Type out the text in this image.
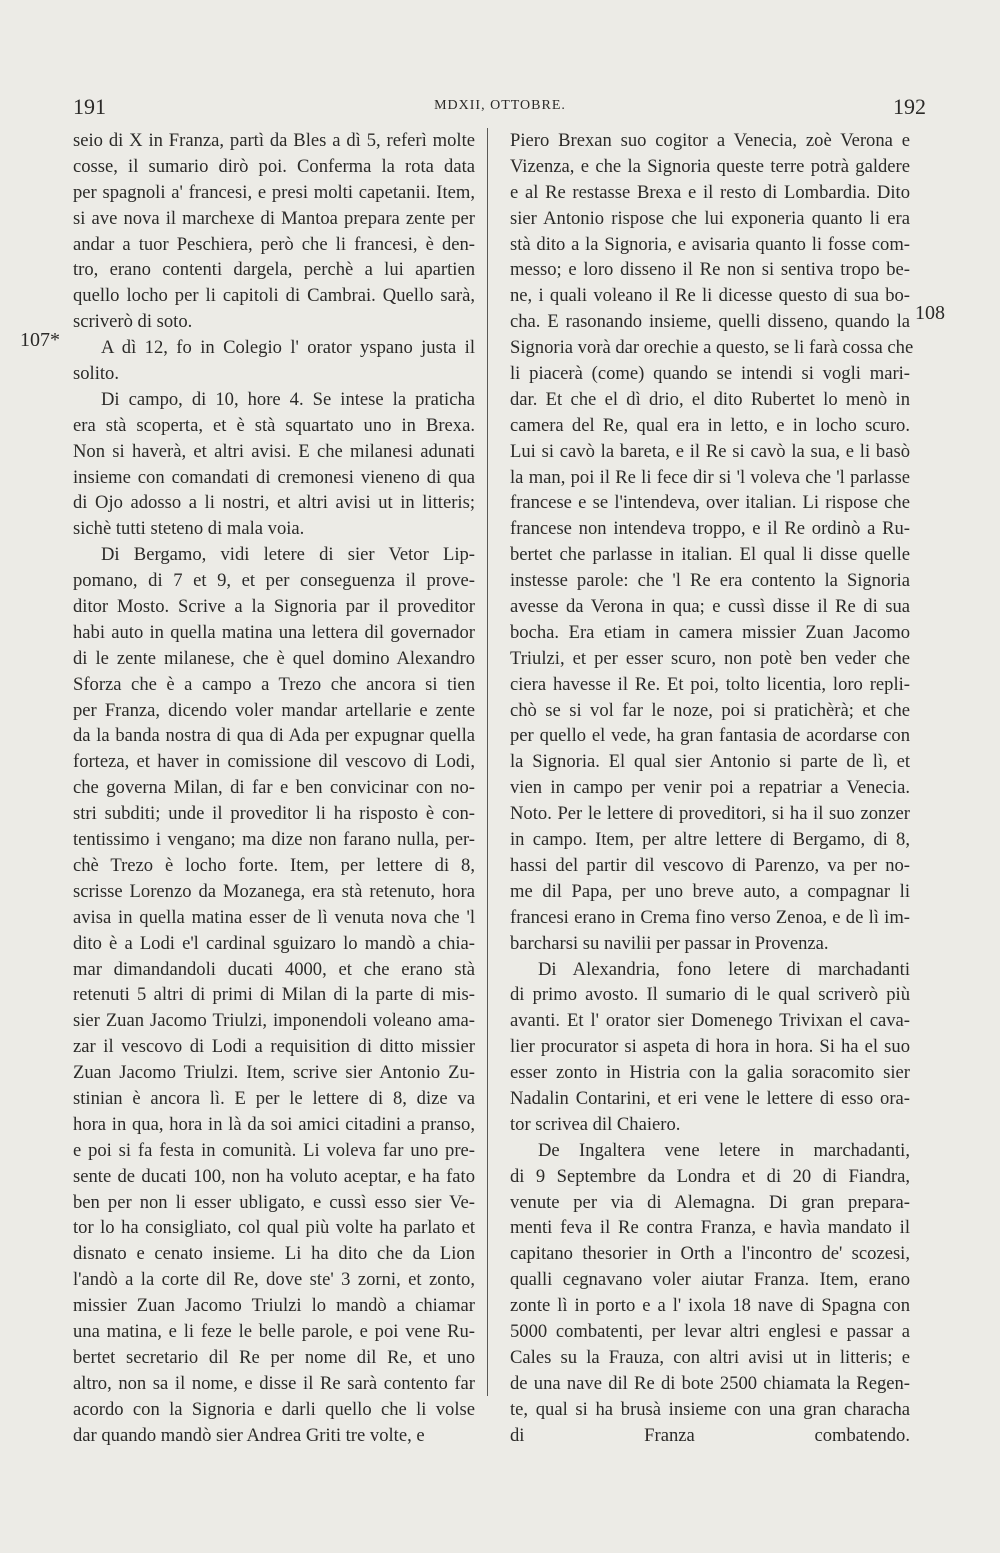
191	MDXII, OTTOBRE.	192
107*
108
seio di X in Franza, partì da Bles a dì 5, referì molte
cosse, il sumario dirò poi. Conferma la rota data
per spagnoli a' francesi, e presi molti capetanii. Item,
si ave nova il marchexe di Mantoa prepara zente per
andar a tuor Peschiera, però che li francesi, è den-
tro, erano contenti dargela, perchè a lui apartien
quello locho per li capitoli di Cambrai. Quello sarà,
scriverò di soto.
A dì 12, fo in Colegio l' orator yspano justa il
solito.
Di campo, di 10, hore 4. Se intese la praticha
era stà scoperta, et è stà squartato uno in Brexa.
Non si haverà, et altri avisi. E che milanesi adunati
insieme con comandati di cremonesi vieneno di qua
di Ojo adosso a li nostri, et altri avisi ut in litteris;
sichè tutti steteno di mala voia.
Di Bergamo, vidi letere di sier Vetor Lip-
pomano, di 7 et 9, et per conseguenza il prove-
ditor Mosto. Scrive a la Signoria par il proveditor
habi auto in quella matina una lettera dil governador
di le zente milanese, che è quel domino Alexandro
Sforza che è a campo a Trezo che ancora si tien
per Franza, dicendo voler mandar artellarie e zente
da la banda nostra di qua di Ada per expugnar quella
forteza, et haver in comissione dil vescovo di Lodi,
che governa Milan, di far e ben convicinar con no-
stri subditi; unde il proveditor li ha risposto è con-
tentissimo i vengano; ma dize non farano nulla, per-
chè Trezo è locho forte. Item, per lettere di 8,
scrisse Lorenzo da Mozanega, era stà retenuto, hora
avisa in quella matina esser de lì venuta nova che 'l
dito è a Lodi e'l cardinal sguizaro lo mandò a chia-
mar dimandandoli ducati 4000, et che erano stà
retenuti 5 altri di primi di Milan di la parte di mis-
sier Zuan Jacomo Triulzi, imponendoli voleano ama-
zar il vescovo di Lodi a requisition di ditto missier
Zuan Jacomo Triulzi. Item, scrive sier Antonio Zu-
stinian è ancora lì. E per le lettere di 8, dize va
hora in qua, hora in là da soi amici citadini a pranso,
e poi si fa festa in comunità. Li voleva far uno pre-
sente de ducati 100, non ha voluto aceptar, e ha fato
ben per non li esser ubligato, e cussì esso sier Ve-
tor lo ha consigliato, col qual più volte ha parlato et
disnato e cenato insieme. Li ha dito che da Lion
l'andò a la corte dil Re, dove ste' 3 zorni, et zonto,
missier Zuan Jacomo Triulzi lo mandò a chiamar
una matina, e li feze le belle parole, e poi vene Ru-
bertet secretario dil Re per nome dil Re, et uno
altro, non sa il nome, e disse il Re sarà contento far
acordo con la Signoria e darli quello che li volse
dar quando mandò sier Andrea Griti tre volte, e
Piero Brexan suo cogitor a Venecia, zoè Verona e
Vizenza, e che la Signoria queste terre potrà galdere
e al Re restasse Brexa e il resto di Lombardia. Dito
sier Antonio rispose che lui exponeria quanto li era
stà dito a la Signoria, e avisaria quanto li fosse com-
messo; e loro disseno il Re non si sentiva tropo be-
ne, i quali voleano il Re li dicesse questo di sua bo-
cha. E rasonando insieme, quelli disseno, quando la
Signoria vorà dar orechie a questo, se li farà cossa che
li piacerà (come) quando se intendi si vogli mari-
dar. Et che el dì drio, el dito Rubertet lo menò in
camera del Re, qual era in letto, e in locho scuro.
Lui si cavò la bareta, e il Re si cavò la sua, e li basò
la man, poi il Re li fece dir si 'l voleva che 'l parlasse
francese e se l'intendeva, over italian. Li rispose che
francese non intendeva troppo, e il Re ordinò a Ru-
bertet che parlasse in italian. El qual li disse quelle
instesse parole: che 'l Re era contento la Signoria
avesse da Verona in qua; e cussì disse il Re di sua
bocha. Era etiam in camera missier Zuan Jacomo
Triulzi, et per esser scuro, non potè ben veder che
ciera havesse il Re. Et poi, tolto licentia, loro repli-
chò se si vol far le noze, poi si pratichèrà; et che
per quello el vede, ha gran fantasia de acordarse con
la Signoria. El qual sier Antonio si parte de lì, et
vien in campo per venir poi a repatriar a Venecia.
Noto. Per le lettere di proveditori, si ha il suo zonzer
in campo. Item, per altre lettere di Bergamo, di 8,
hassi del partir dil vescovo di Parenzo, va per no-
me dil Papa, per uno breve auto, a compagnar li
francesi erano in Crema fino verso Zenoa, e de lì im-
barcharsi su navilii per passar in Provenza.
Di Alexandria, fono letere di marchadanti
di primo avosto. Il sumario di le qual scriverò più
avanti. Et l' orator sier Domenego Trivixan el cava-
lier procurator si aspeta di hora in hora. Si ha el suo
esser zonto in Histria con la galia soracomito sier
Nadalin Contarini, et eri vene le lettere di esso ora-
tor scrivea dil Chaiero.
De Ingaltera vene letere in marchadanti,
di 9 Septembre da Londra et di 20 di Fiandra,
venute per via di Alemagna. Di gran prepara-
menti feva il Re contra Franza, e havìa mandato il
capitano thesorier in Orth a l'incontro de' scozesi,
qualli cegnavano voler aiutar Franza. Item, erano
zonte lì in porto e a l' ixola 18 nave di Spagna con
5000 combatenti, per levar altri englesi e passar a
Cales su la Frauza, con altri avisi ut in litteris; e
de una nave dil Re di bote 2500 chiamata la Regen-
te, qual si ha brusà insieme con una gran characha
di Franza combatendo.
